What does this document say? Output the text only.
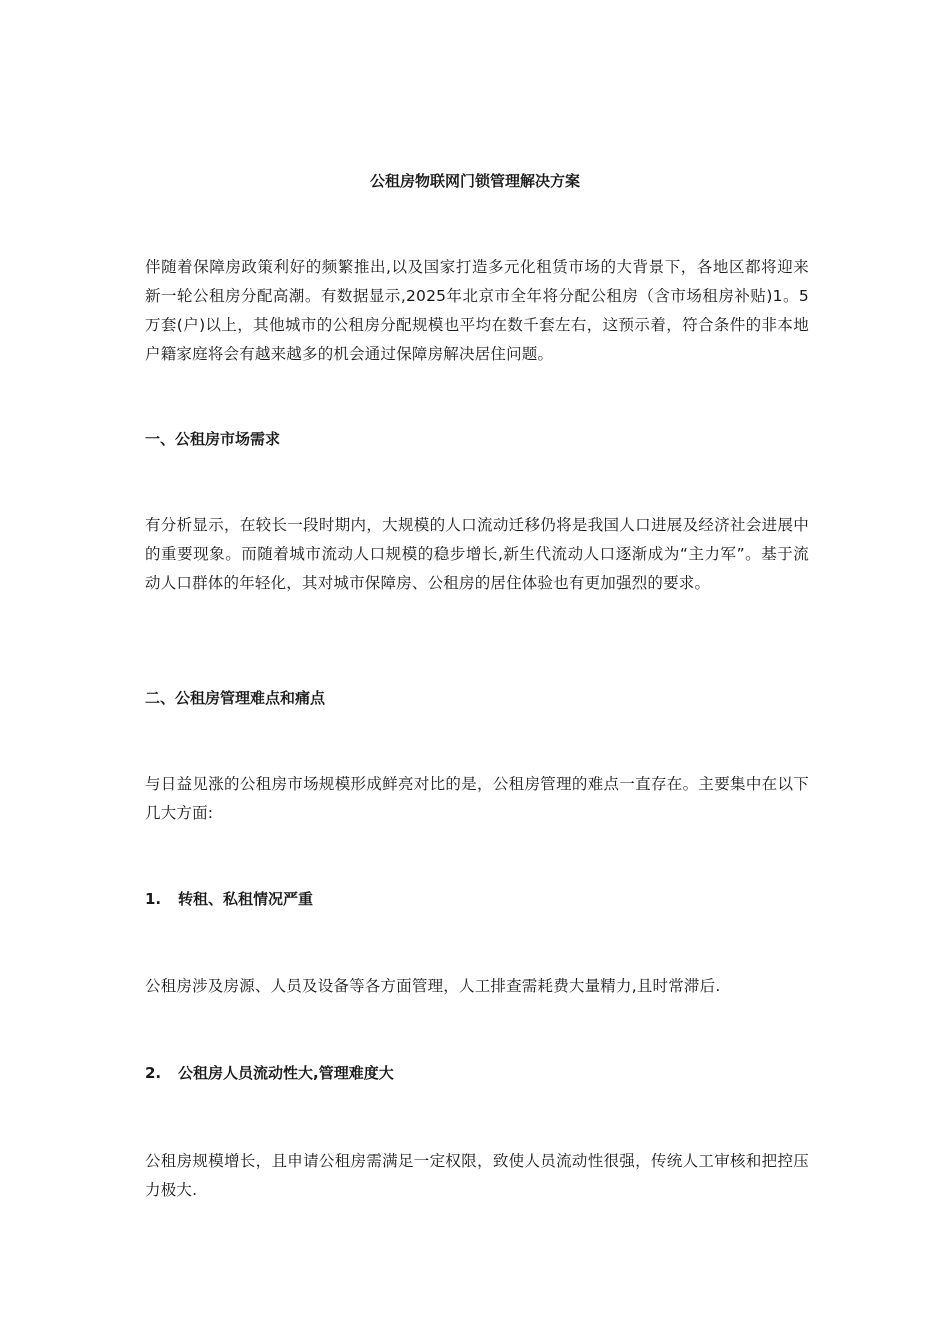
公租房物联网门锁管理解决方案
伴随着保障房政策利好的频繁推出,以及国家打造多元化租赁市场的大背景下，各地区都将迎来新一轮公租房分配高潮。有数据显示,2025年北京市全年将分配公租房（含市场租房补贴)1。5万套(户)以上，其他城市的公租房分配规模也平均在数千套左右，这预示着，符合条件的非本地户籍家庭将会有越来越多的机会通过保障房解决居住问题。
一、公租房市场需求
有分析显示，在较长一段时期内，大规模的人口流动迁移仍将是我国人口进展及经济社会进展中的重要现象。而随着城市流动人口规模的稳步增长,新生代流动人口逐渐成为“主力军”。基于流动人口群体的年轻化，其对城市保障房、公租房的居住体验也有更加强烈的要求。
二、公租房管理难点和痛点
与日益见涨的公租房市场规模形成鲜亮对比的是，公租房管理的难点一直存在。主要集中在以下几大方面:
1.	转租、私租情况严重
公租房涉及房源、人员及设备等各方面管理，人工排查需耗费大量精力,且时常滞后.
2.	公租房人员流动性大,管理难度大
公租房规模增长，且申请公租房需满足一定权限，致使人员流动性很强，传统人工审核和把控压力极大.
